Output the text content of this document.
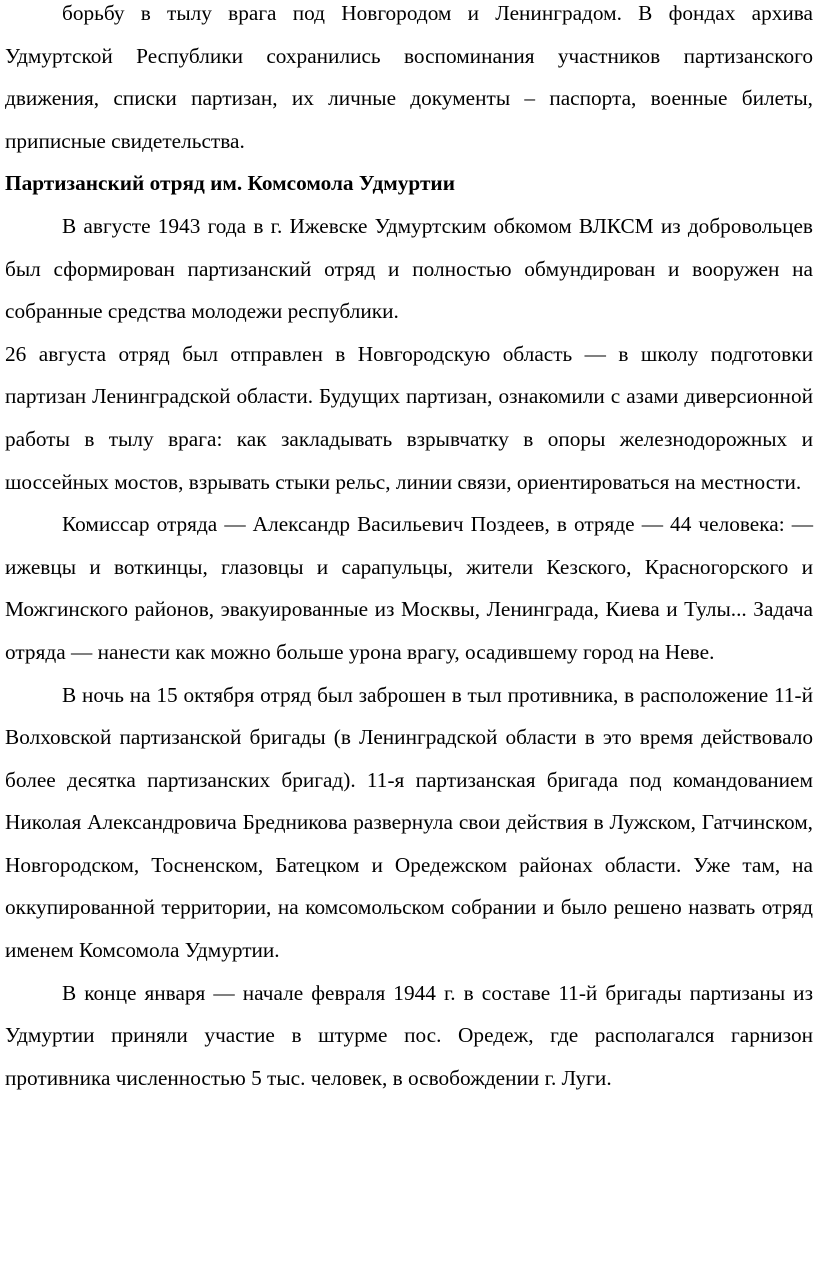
борьбу в тылу врага под Новгородом и Ленинградом. В фондах архива Удмуртской Республики сохранились воспоминания участников партизанского движения, списки партизан, их личные документы – паспорта, военные билеты, приписные свидетельства.

Партизанский отряд им. Комсомола Удмуртии

В августе 1943 года в г. Ижевске Удмуртским обкомом ВЛКСМ из добровольцев был сформирован партизанский отряд и полностью обмундирован и вооружен на собранные средства молодежи республики.

26 августа отряд был отправлен в Новгородскую область — в школу подготовки партизан Ленинградской области. Будущих партизан, ознакомили с азами диверсионной работы в тылу врага: как закладывать взрывчатку в опоры железнодорожных и шоссейных мостов, взрывать стыки рельс, линии связи, ориентироваться на местности.

Комиссар отряда — Александр Васильевич Поздеев, в отряде — 44 человека: — ижевцы и воткинцы, глазовцы и сарапульцы, жители Кезского, Красногорского и Можгинского районов, эвакуированные из Москвы, Ленинграда, Киева и Тулы... Задача отряда — нанести как можно больше урона врагу, осадившему город на Неве.

В ночь на 15 октября отряд был заброшен в тыл противника, в расположение 11-й Волховской партизанской бригады (в Ленинградской области в это время действовало более десятка партизанских бригад). 11-я партизанская бригада под командованием Николая Александровича Бредникова развернула свои действия в Лужском, Гатчинском, Новгородском, Тосненском, Батецком и Оредежском районах области. Уже там, на оккупированной территории, на комсомольском собрании и было решено назвать отряд именем Комсомола Удмуртии.

В конце января — начале февраля 1944 г. в составе 11-й бригады партизаны из Удмуртии приняли участие в штурме пос. Оредеж, где располагался гарнизон противника численностью 5 тыс. человек, в освобождении г. Луги.
